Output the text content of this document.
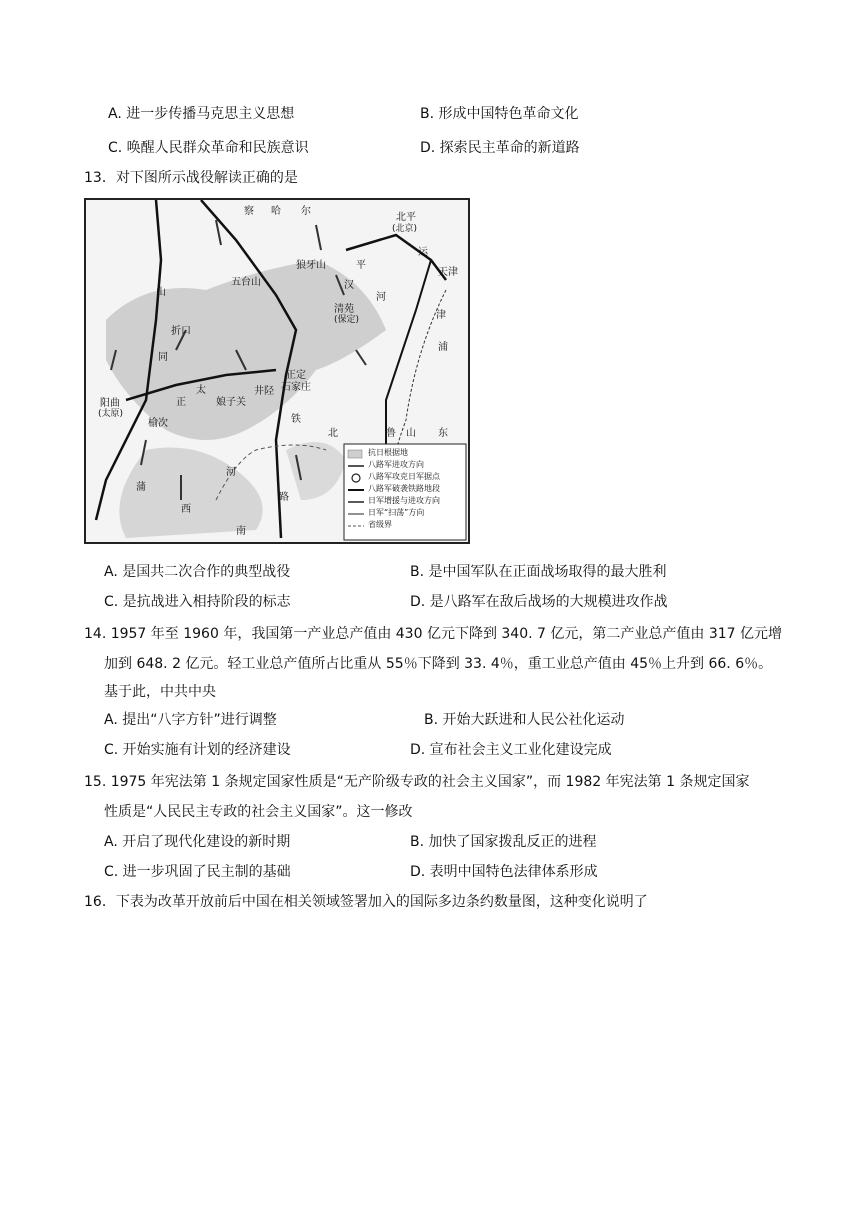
A. 进一步传播马克思主义思想	B. 形成中国特色革命文化
C. 唤醒人民群众革命和民族意识	D. 探索民主革命的新道路
13．对下图所示战役解读正确的是
察 哈 尔
北平
(北京)
运
天津
狼牙山
五台山
清苑
(保定)
河
津
浦
折口
山
西
阳曲
(太原)
榆次
娘子关
井陉
正定
石家庄
同
蒲
正
太
铁
路
平
汉
河
北	鲁 山 东
南
抗日根据地
八路军进攻方向
八路军攻克日军据点
八路军破袭铁路地段
日军增援与进攻方向
日军“扫荡”方向
省级界
A. 是国共二次合作的典型战役	B. 是中国军队在正面战场取得的最大胜利
C. 是抗战进入相持阶段的标志	D. 是八路军在敌后战场的大规模进攻作战
14. 1957 年至 1960 年，我国第一产业总产值由 430 亿元下降到 340. 7 亿元，第二产业总产值由 317 亿元增
加到 648. 2 亿元。轻工业总产值所占比重从 55％下降到 33. 4％，重工业总产值由 45％上升到 66. 6％。
基于此，中共中央
A. 提出“八字方针”进行调整	B. 开始大跃进和人民公社化运动
C. 开始实施有计划的经济建设	D. 宣布社会主义工业化建设完成
15. 1975 年宪法第 1 条规定国家性质是“无产阶级专政的社会主义国家”，而 1982 年宪法第 1 条规定国家
性质是“人民民主专政的社会主义国家”。这一修改
A. 开启了现代化建设的新时期	B. 加快了国家拨乱反正的进程
C. 进一步巩固了民主制的基础	D. 表明中国特色法律体系形成
16．下表为改革开放前后中国在相关领域签署加入的国际多边条约数量图，这种变化说明了
